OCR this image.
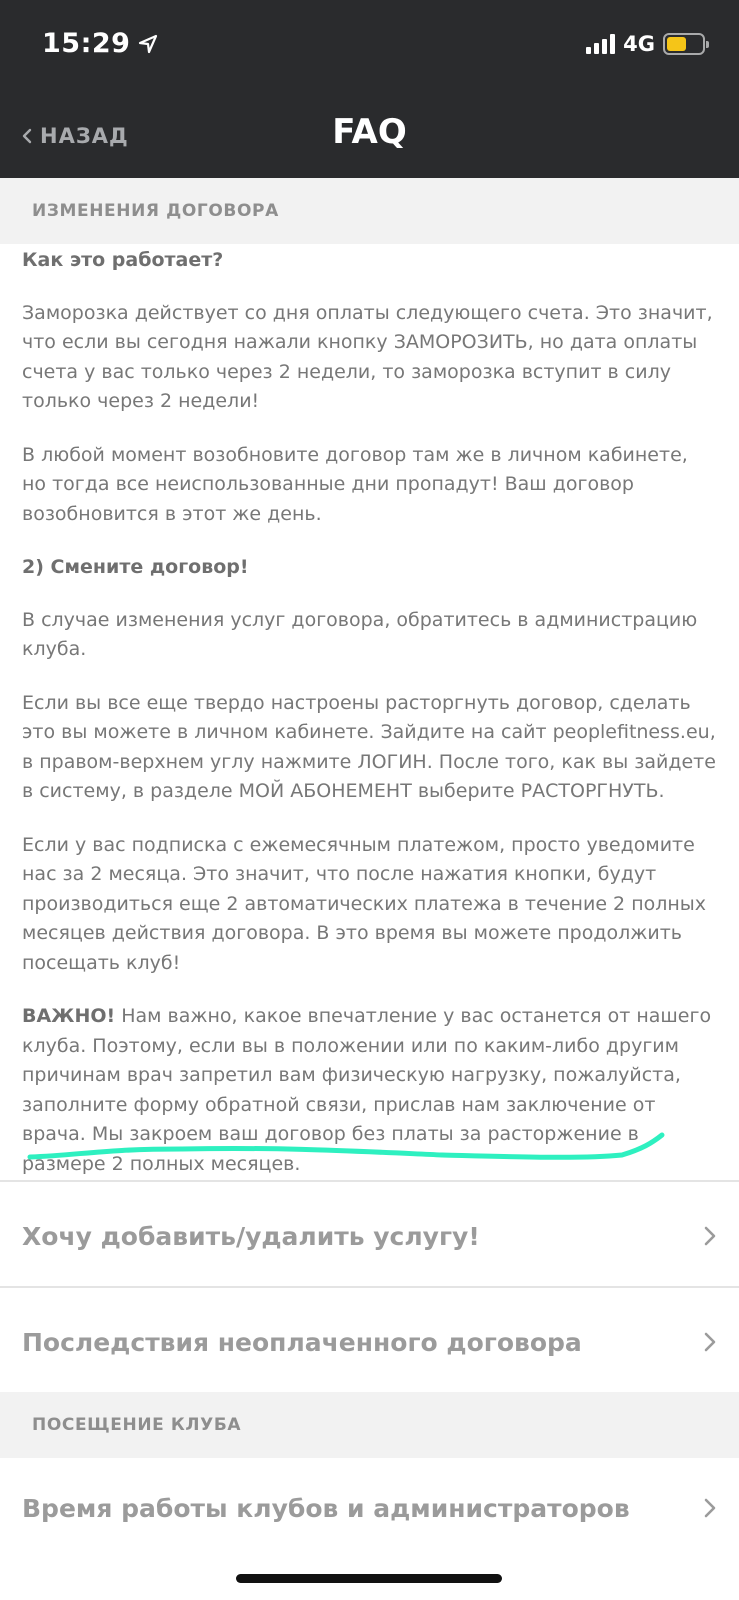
15:29	4G
НАЗАД	FAQ
ИЗМЕНЕНИЯ ДОГОВОРА

Как это работает?

Заморозка действует со дня оплаты следующего счета. Это значит, что если вы сегодня нажали кнопку ЗАМОРОЗИТЬ, но дата оплаты счета у вас только через 2 недели, то заморозка вступит в силу только через 2 недели!

В любой момент возобновите договор там же в личном кабинете, но тогда все неиспользованные дни пропадут! Ваш договор возобновится в этот же день.

2) Смените договор!

В случае изменения услуг договора, обратитесь в администрацию клуба.

Если вы все еще твердо настроены расторгнуть договор, сделать это вы можете в личном кабинете. Зайдите на сайт peoplefitness.eu, в правом-верхнем углу нажмите ЛОГИН. После того, как вы зайдете в систему, в разделе МОЙ АБОНЕМЕНТ выберите РАСТОРГНУТЬ.

Если у вас подписка с ежемесячным платежом, просто уведомите нас за 2 месяца. Это значит, что после нажатия кнопки, будут производиться еще 2 автоматических платежа в течение 2 полных месяцев действия договора. В это время вы можете продолжить посещать клуб!

ВАЖНО! Нам важно, какое впечатление у вас останется от нашего клуба. Поэтому, если вы в положении или по каким-либо другим причинам врач запретил вам физическую нагрузку, пожалуйста, заполните форму обратной связи, прислав нам заключение от врача. Мы закроем ваш договор без платы за расторжение в размере 2 полных месяцев.

Хочу добавить/удалить услугу!
Последствия неоплаченного договора
ПОСЕЩЕНИЕ КЛУБА
Время работы клубов и администраторов
